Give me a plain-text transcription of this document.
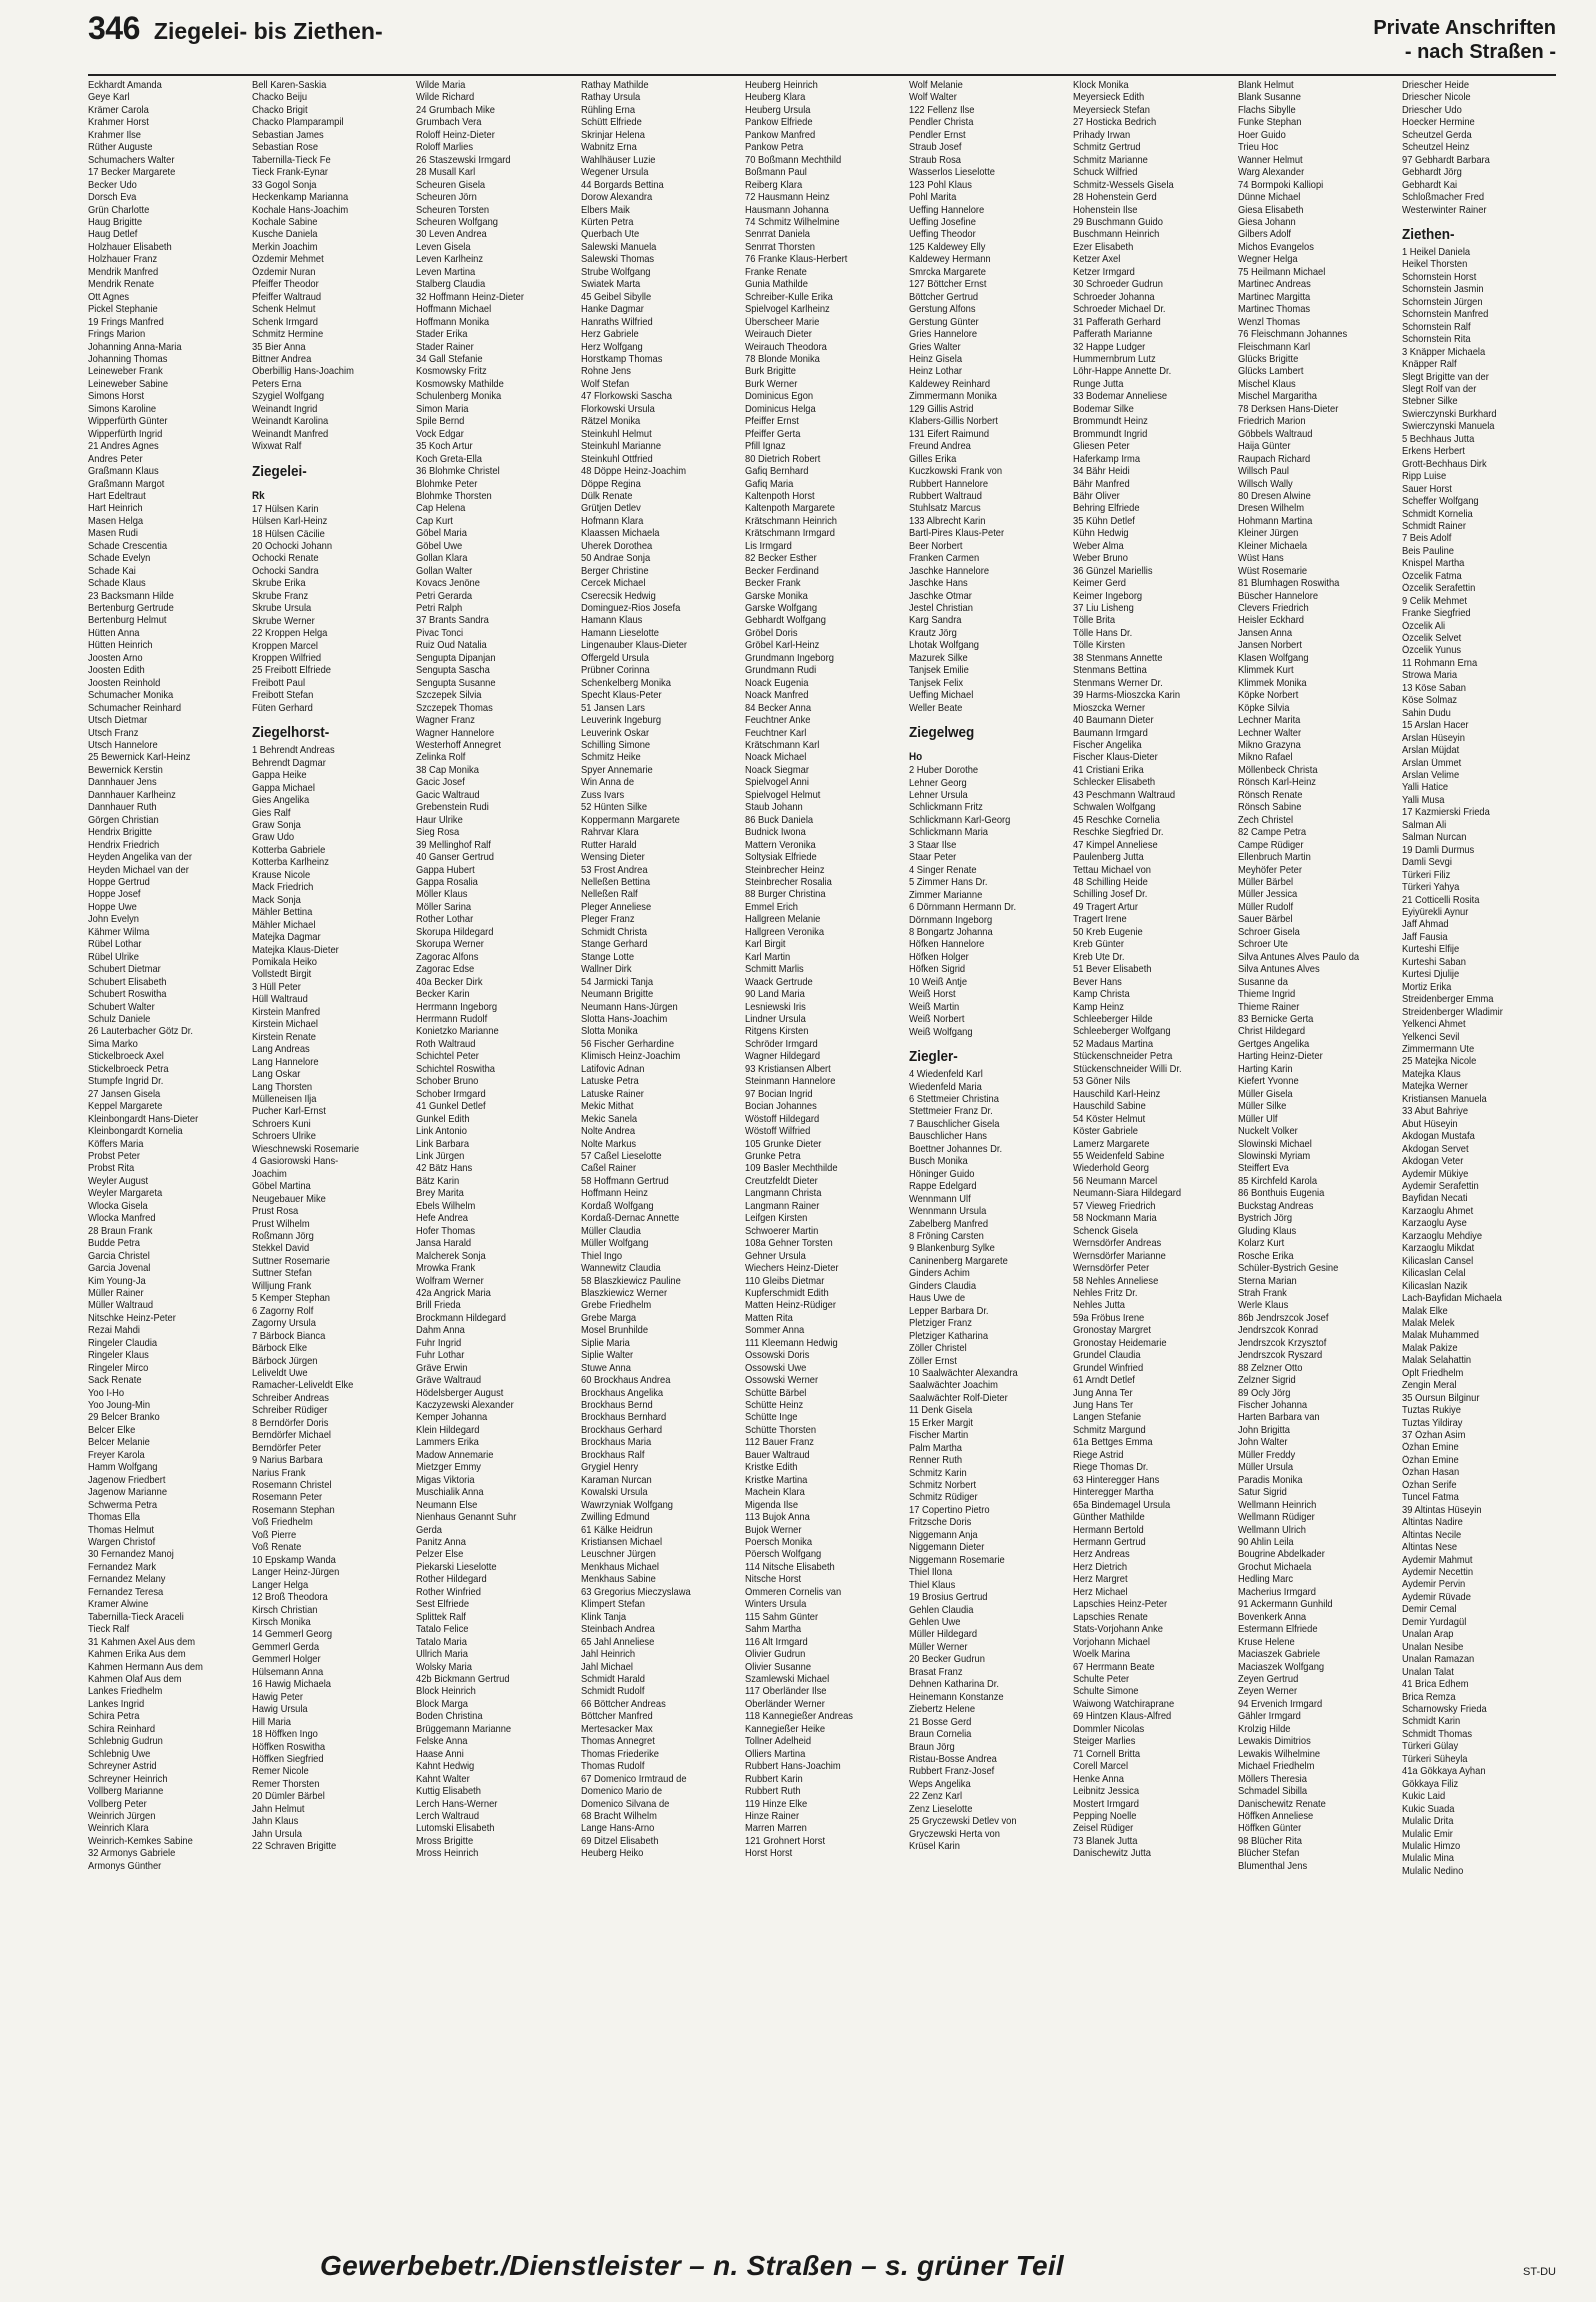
346 Ziegelei- bis Ziethen-	Private Anschriften
- nach Straßen -
Eckhardt Amanda
Geye Karl
Krämer Carola
Krahmer Horst
Krahmer Ilse
Rüther Auguste
Schumachers Walter
17 Becker Margarete
Becker Udo
Dorsch Eva
Grün Charlotte
Haug Brigitte
Haug Detlef
Holzhauer Elisabeth
Holzhauer Franz
Mendrik Manfred
Mendrik Renate
Ott Agnes
Pickel Stephanie
19 Frings Manfred
Frings Marion
Johanning Anna-Maria
Johanning Thomas
Leineweber Frank
Leineweber Sabine
Simons Horst
Simons Karoline
Wipperfürth Günter
Wipperfürth Ingrid
21 Andres Agnes
Andres Peter
Graßmann Klaus
Graßmann Margot
Hart Edeltraut
Hart Heinrich
Masen Helga
Masen Rudi
Schade Crescentia
Schade Evelyn
Schade Kai
Schade Klaus
23 Backsmann Hilde
Bertenburg Gertrude
Bertenburg Helmut
Hütten Anna
Hütten Heinrich
Joosten Arno
Joosten Edith
Joosten Reinhold
Schumacher Monika
Schumacher Reinhard
Utsch Dietmar
Utsch Franz
Utsch Hannelore
25 Bewernick Karl-Heinz
Bewernick Kerstin
Dannhauer Jens
Dannhauer Karlheinz
Dannhauer Ruth
Görgen Christian
Hendrix Brigitte
Hendrix Friedrich
Heyden Angelika van der
Heyden Michael van der
Hoppe Gertrud
Hoppe Josef
Hoppe Uwe
John Evelyn
Kähmer Wilma
Rübel Lothar
Rübel Ulrike
Schubert Dietmar
Schubert Elisabeth
Schubert Roswitha
Schubert Walter
Schulz Daniele
26 Lauterbacher Götz Dr.
Sima Marko
Stickelbroeck Axel
Stickelbroeck Petra
Stumpfe Ingrid Dr.
27 Jansen Gisela
Keppel Margarete
Kleinbongardt Hans-Dieter
Kleinbongardt Kornelia
Köffers Maria
Probst Peter
Probst Rita
Weyler August
Weyler Margareta
Wlocka Gisela
Wlocka Manfred
28 Braun Frank
Budde Petra
Garcia Christel
Garcia Jovenal
Kim Young-Ja
Müller Rainer
Müller Waltraud
Nitschke Heinz-Peter
Rezai Mahdi
Ringeler Claudia
Ringeler Klaus
Ringeler Mirco
Sack Renate
Yoo I-Ho
Yoo Joung-Min
29 Belcer Branko
Belcer Elke
Belcer Melanie
Freyer Karola
Hamm Wolfgang
Jagenow Friedbert
Jagenow Marianne
Schwerma Petra
Thomas Ella
Thomas Helmut
Wargen Christof
30 Fernandez Manoj
Fernandez Mark
Fernandez Melany
Fernandez Teresa
Kramer Alwine
Tabernilla-Tieck Araceli
Tieck Ralf
31 Kahmen Axel Aus dem
Kahmen Erika Aus dem
Kahmen Hermann Aus dem
Kahmen Olaf Aus dem
Lankes Friedhelm
Lankes Ingrid
Schira Petra
Schira Reinhard
Schlebnig Gudrun
Schlebnig Uwe
Schreyner Astrid
Schreyner Heinrich
Vollberg Marianne
Vollberg Peter
Weinrich Jürgen
Weinrich Klara
Weinrich-Kemkes Sabine
32 Armonys Gabriele
Armonys Günther
Bell Karen-Saskia
Chacko Beiju
Chacko Brigit
Chacko Plamparampil
Sebastian James
Sebastian Rose
Tabernilla-Tieck Fe
Tieck Frank-Eynar
33 Gogol Sonja
Heckenkamp Marianna
Kochale Hans-Joachim
Kochale Sabine
Kusche Daniela
Merkin Joachim
Özdemir Mehmet
Özdemir Nuran
Pfeiffer Theodor
Pfeiffer Waltraud
Schenk Helmut
Schenk Irmgard
Schmitz Hermine
35 Bier Anna
Bittner Andrea
Oberbillig Hans-Joachim
Peters Erna
Szygiel Wolfgang
Weinandt Ingrid
Weinandt Karolina
Weinandt Manfred
Wixwat Ralf
Ziegelei-
Rk
17 Hülsen Karin
Hülsen Karl-Heinz
18 Hülsen Cäcilie
20 Ochocki Johann
Ochocki Renate
Ochocki Sandra
Skrube Erika
Skrube Franz
Skrube Ursula
Skrube Werner
22 Kroppen Helga
Kroppen Marcel
Kroppen Wilfried
25 Freibott Elfriede
Freibott Paul
Freibott Stefan
Füten Gerhard
Ziegelhorst-
1 Behrendt Andreas
Behrendt Dagmar
Gappa Heike
Gappa Michael
Gies Angelika
Gies Ralf
Graw Sonja
Graw Udo
Kotterba Gabriele
Kotterba Karlheinz
Krause Nicole
Mack Friedrich
Mack Sonja
Mähler Bettina
Mähler Michael
Matejka Dagmar
Matejka Klaus-Dieter
Pomikala Heiko
Vollstedt Birgit
3 Hüll Peter
Hüll Waltraud
Kirstein Manfred
Kirstein Michael
Kirstein Renate
Lang Andreas
Lang Hannelore
Lang Oskar
Lang Thorsten
Mülleneisen Ilja
Pucher Karl-Ernst
Schroers Kuni
Schroers Ulrike
Wieschnewski Rosemarie
4 Gasiorowski Hans-
Joachim
Göbel Martina
Neugebauer Mike
Prust Rosa
Prust Wilhelm
Roßmann Jörg
Stekkel David
Suttner Rosemarie
Suttner Stefan
Willjung Frank
5 Kemper Stephan
6 Zagorny Rolf
Zagorny Ursula
7 Bärbock Bianca
Bärbock Elke
Bärbock Jürgen
Leliveldt Uwe
Ramacher-Leliveldt Elke
Schreiber Andreas
Schreiber Rüdiger
8 Berndörfer Doris
Berndörfer Michael
Berndörfer Peter
9 Narius Barbara
Narius Frank
Rosemann Christel
Rosemann Peter
Rosemann Stephan
Voß Friedhelm
Voß Pierre
Voß Renate
10 Epskamp Wanda
Langer Heinz-Jürgen
Langer Helga
12 Broß Theodora
Kirsch Christian
Kirsch Monika
14 Gemmerl Georg
Gemmerl Gerda
Gemmerl Holger
Hülsemann Anna
16 Hawig Michaela
Hawig Peter
Hawig Ursula
Hill Maria
18 Höffken Ingo
Höffken Roswitha
Höffken Siegfried
Remer Nicole
Remer Thorsten
20 Dümler Bärbel
Jahn Helmut
Jahn Klaus
Jahn Ursula
22 Schraven Brigitte
Wilde Maria
Wilde Richard
24 Grumbach Mike
Grumbach Vera
Roloff Heinz-Dieter
Roloff Marlies
26 Staszewski Irmgard
28 Musall Karl
Scheuren Gisela
Scheuren Jörn
Scheuren Torsten
Scheuren Wolfgang
30 Leven Andrea
Leven Gisela
Leven Karlheinz
Leven Martina
Stalberg Claudia
32 Hoffmann Heinz-Dieter
Hoffmann Michael
Hoffmann Monika
Stader Erika
Stader Rainer
34 Gall Stefanie
Kosmowsky Fritz
Kosmowsky Mathilde
Schulenberg Monika
Simon Maria
Spile Bernd
Vock Edgar
35 Koch Artur
Koch Greta-Ella
36 Blohmke Christel
Blohmke Peter
Blohmke Thorsten
Cap Helena
Cap Kurt
Göbel Maria
Göbel Uwe
Gollan Klara
Gollan Walter
Kovacs Jenöne
Petri Gerarda
Petri Ralph
37 Brants Sandra
Pivac Tonci
Ruiz Oud Natalia
Sengupta Dipanjan
Sengupta Sascha
Sengupta Susanne
Szczepek Silvia
Szczepek Thomas
Wagner Franz
Wagner Hannelore
Westerhoff Annegret
Zelinka Rolf
38 Cap Monika
Gacic Josef
Gacic Waltraud
Grebenstein Rudi
Haur Ulrike
Sieg Rosa
39 Mellinghof Ralf
40 Ganser Gertrud
Gappa Hubert
Gappa Rosalia
Möller Klaus
Möller Sarina
Rother Lothar
Skorupa Hildegard
Skorupa Werner
Zagorac Alfons
Zagorac Edse
40a Becker Dirk
Becker Karin
Herrmann Ingeborg
Herrmann Rudolf
Konietzko Marianne
Roth Waltraud
Schichtel Peter
Schichtel Roswitha
Schober Bruno
Schober Irmgard
41 Gunkel Detlef
Gunkel Edith
Link Antonio
Link Barbara
Link Jürgen
42 Bätz Hans
Bätz Karin
Brey Marita
Ebels Wilhelm
Hefe Andrea
Hofer Thomas
Jansa Harald
Malcherek Sonja
Mrowka Frank
Wolfram Werner
42a Angrick Maria
Brill Frieda
Brockmann Hildegard
Dahm Anna
Fuhr Ingrid
Fuhr Lothar
Gräve Erwin
Gräve Waltraud
Hödelsberger August
Kaczyzewski Alexander
Kemper Johanna
Klein Hildegard
Lammers Erika
Madow Annemarie
Mietzger Emmy
Migas Viktoria
Muschialik Anna
Neumann Else
Nienhaus Genannt Suhr
Gerda
Panitz Anna
Pelzer Else
Piekarski Lieselotte
Rother Hildegard
Rother Winfried
Sest Elfriede
Splittek Ralf
Tatalo Felice
Tatalo Maria
Ullrich Maria
Wolsky Maria
42b Bickmann Gertrud
Block Heinrich
Block Marga
Boden Christina
Brüggemann Marianne
Felske Anna
Haase Anni
Kahnt Hedwig
Kahnt Walter
Kuttig Elisabeth
Lerch Hans-Werner
Lerch Waltraud
Lutomski Elisabeth
Mross Brigitte
Mross Heinrich
Rathay Mathilde
Rathay Ursula
Rühling Erna
Schütt Elfriede
Skrinjar Helena
Wabnitz Erna
Wahlhäuser Luzie
Wegener Ursula
44 Borgards Bettina
Dorow Alexandra
Elbers Maik
Kürten Petra
Querbach Ute
Salewski Manuela
Salewski Thomas
Strube Wolfgang
Swiatek Marta
45 Geibel Sibylle
Hanke Dagmar
Hanraths Wilfried
Herz Gabriele
Herz Wolfgang
Horstkamp Thomas
Rohne Jens
Wolf Stefan
47 Florkowski Sascha
Florkowski Ursula
Rätzel Monika
Steinkuhl Helmut
Steinkuhl Marianne
Steinkuhl Ottfried
48 Döppe Heinz-Joachim
Döppe Regina
Dülk Renate
Grütjen Detlev
Hofmann Klara
Klaassen Michaela
Uherek Dorothea
50 Andrae Sonja
Berger Christine
Cercek Michael
Cserecsik Hedwig
Dominguez-Rios Josefa
Hamann Klaus
Hamann Lieselotte
Lingenauber Klaus-Dieter
Offergeld Ursula
Prübner Corinna
Schenkelberg Monika
Specht Klaus-Peter
51 Jansen Lars
Leuverink Ingeburg
Leuverink Oskar
Schilling Simone
Schmitz Heike
Spyer Annemarie
Win Anna de
Zuss Ivars
52 Hünten Silke
Koppermann Margarete
Rahrvar Klara
Rutter Harald
Wensing Dieter
53 Frost Andrea
Nelleßen Bettina
Nelleßen Ralf
Pleger Anneliese
Pleger Franz
Schmidt Christa
Stange Gerhard
Stange Lotte
Wallner Dirk
54 Jarmicki Tanja
Neumann Brigitte
Neumann Hans-Jürgen
Slotta Hans-Joachim
Slotta Monika
56 Fischer Gerhardine
Klimisch Heinz-Joachim
Latifovic Adnan
Latuske Petra
Latuske Rainer
Mekic Mithat
Mekic Sanela
Nolte Andrea
Nolte Markus
57 Caßel Lieselotte
Caßel Rainer
58 Hoffmann Gertrud
Hoffmann Heinz
Kordaß Wolfgang
Kordaß-Dernac Annette
Müller Claudia
Müller Wolfgang
Thiel Ingo
Wannewitz Claudia
58 Blaszkiewicz Pauline
Blaszkiewicz Werner
Grebe Friedhelm
Grebe Marga
Mosel Brunhilde
Siplie Maria
Siplie Walter
Stuwe Anna
60 Brockhaus Andrea
Brockhaus Angelika
Brockhaus Bernd
Brockhaus Bernhard
Brockhaus Gerhard
Brockhaus Maria
Brockhaus Ralf
Grygiel Henry
Karaman Nurcan
Kowalski Ursula
Wawrzyniak Wolfgang
Zwilling Edmund
61 Kälke Heidrun
Kristiansen Michael
Leuschner Jürgen
Menkhaus Michael
Menkhaus Sabine
63 Gregorius Mieczyslawa
Klimpert Stefan
Klink Tanja
Steinbach Andrea
65 Jahl Anneliese
Jahl Heinrich
Jahl Michael
Schmidt Harald
Schmidt Rudolf
66 Böttcher Andreas
Böttcher Manfred
Mertesacker Max
Thomas Annegret
Thomas Friederike
Thomas Rudolf
67 Domenico Irmtraud de
Domenico Mario de
Domenico Silvana de
68 Bracht Wilhelm
Lange Hans-Arno
69 Ditzel Elisabeth
Heuberg Heiko
Heuberg Heinrich
Heuberg Klara
Heuberg Ursula
Pankow Elfriede
Pankow Manfred
Pankow Petra
70 Boßmann Mechthild
Boßmann Paul
Reiberg Klara
72 Hausmann Heinz
Hausmann Johanna
74 Schmitz Wilhelmine
Senrrat Daniela
Senrrat Thorsten
76 Franke Klaus-Herbert
Franke Renate
Gunia Mathilde
Schreiber-Kulle Erika
Spielvogel Karlheinz
Überscheer Marie
Weirauch Dieter
Weirauch Theodora
78 Blonde Monika
Burk Brigitte
Burk Werner
Dominicus Egon
Dominicus Helga
Pfeiffer Ernst
Pfeiffer Gerta
Pfill Ignaz
80 Dietrich Robert
Gafiq Bernhard
Gafiq Maria
Kaltenpoth Horst
Kaltenpoth Margarete
Krätschmann Heinrich
Krätschmann Irmgard
Lis Irmgard
82 Becker Esther
Becker Ferdinand
Becker Frank
Garske Monika
Garske Wolfgang
Gebhardt Wolfgang
Gröbel Doris
Gröbel Karl-Heinz
Grundmann Ingeborg
Grundmann Rudi
Noack Eugenia
Noack Manfred
84 Becker Anna
Feuchtner Anke
Feuchtner Karl
Krätschmann Karl
Noack Michael
Noack Siegmar
Spielvogel Anni
Spielvogel Helmut
Staub Johann
86 Buck Daniela
Budnick Iwona
Mattern Veronika
Soltysiak Elfriede
Steinbrecher Heinz
Steinbrecher Rosalia
88 Burger Christina
Emmel Erich
Hallgreen Melanie
Hallgreen Veronika
Karl Birgit
Karl Martin
Schmitt Marlis
Waack Gertrude
90 Land Maria
Lesniewski Iris
Lindner Ursula
Ritgens Kirsten
Schröder Irmgard
Wagner Hildegard
93 Kristiansen Albert
Steinmann Hannelore
97 Bocian Ingrid
Bocian Johannes
Wöstoff Hildegard
Wöstoff Wilfried
105 Grunke Dieter
Grunke Petra
109 Basler Mechthilde
Creutzfeldt Dieter
Langmann Christa
Langmann Rainer
Leifgen Kirsten
Schwoerer Martin
108a Gehner Torsten
Gehner Ursula
Wiechers Heinz-Dieter
110 Gleibs Dietmar
Kupferschmidt Edith
Matten Heinz-Rüdiger
Matten Rita
Sommer Anna
111 Kleemann Hedwig
Ossowski Doris
Ossowski Uwe
Ossowski Werner
Schütte Bärbel
Schütte Heinz
Schütte Inge
Schütte Thorsten
112 Bauer Franz
Bauer Waltraud
Kristke Edith
Kristke Martina
Machein Klara
Migenda Ilse
113 Bujok Anna
Bujok Werner
Poersch Monika
Pöersch Wolfgang
114 Nitsche Elisabeth
Nitsche Horst
Ommeren Cornelis van
Winters Ursula
115 Sahm Günter
Sahm Martha
116 Alt Irmgard
Olivier Gudrun
Olivier Susanne
Szamlewski Michael
117 Oberländer Ilse
Oberländer Werner
118 Kannegießer Andreas
Kannegießer Heike
Tollner Adelheid
Olliers Martina
Rubbert Hans-Joachim
Rubbert Karin
Rubbert Ruth
119 Hinze Elke
Hinze Rainer
Marren Marren
121 Grohnert Horst
Horst Horst
Wolf Melanie
Wolf Walter
122 Fellenz Ilse
Pendler Christa
Pendler Ernst
Straub Josef
Straub Rosa
Wasserlos Lieselotte
123 Pohl Klaus
Pohl Marita
Ueffing Hannelore
Ueffing Josefine
Ueffing Theodor
125 Kaldewey Elly
Kaldewey Hermann
Smrcka Margarete
127 Böttcher Ernst
Böttcher Gertrud
Gerstung Alfons
Gerstung Günter
Gries Hannelore
Gries Walter
Heinz Gisela
Heinz Lothar
Kaldewey Reinhard
Zimmermann Monika
129 Gillis Astrid
Klabers-Gillis Norbert
131 Eifert Raimund
Freund Andrea
Gilles Erika
Kuczkowski Frank von
Rubbert Hannelore
Rubbert Waltraud
Stuhlsatz Marcus
133 Albrecht Karin
Bartl-Pires Klaus-Peter
Beer Norbert
Franken Carmen
Jaschke Hannelore
Jaschke Hans
Jaschke Otmar
Jestel Christian
Karg Sandra
Krautz Jörg
Lhotak Wolfgang
Mazurek Silke
Tanjsek Emilie
Tanjsek Felix
Ueffing Michael
Weller Beate
Ziegelweg
Ho
2 Huber Dorothe
Lehner Georg
Lehner Ursula
Schlickmann Fritz
Schlickmann Karl-Georg
Schlickmann Maria
3 Staar Ilse
Staar Peter
4 Singer Renate
5 Zimmer Hans Dr.
Zimmer Marianne
6 Dörnmann Hermann Dr.
Dörnmann Ingeborg
8 Bongartz Johanna
Höfken Hannelore
Höfken Holger
Höfken Sigrid
10 Weiß Antje
Weiß Horst
Weiß Martin
Weiß Norbert
Weiß Wolfgang
Ziegler-
4 Wiedenfeld Karl
Wiedenfeld Maria
6 Stettmeier Christina
Stettmeier Franz Dr.
7 Bauschlicher Gisela
Bauschlicher Hans
Boettner Johannes Dr.
Busch Monika
Höninger Guido
Rappe Edelgard
Wennmann Ulf
Wennmann Ursula
Zabelberg Manfred
8 Fröning Carsten
9 Blankenburg Sylke
Caninenberg Margarete
Ginders Achim
Ginders Claudia
Haus Uwe de
Lepper Barbara Dr.
Pletziger Franz
Pletziger Katharina
Zöller Christel
Zöller Ernst
10 Saalwächter Alexandra
Saalwächter Joachim
Saalwächter Rolf-Dieter
11 Denk Gisela
15 Erker Margit
Fischer Martin
Palm Martha
Renner Ruth
Schmitz Karin
Schmitz Norbert
Schmitz Rüdiger
17 Copertino Pietro
Fritzsche Doris
Niggemann Anja
Niggemann Dieter
Niggemann Rosemarie
Thiel Ilona
Thiel Klaus
19 Brosius Gertrud
Gehlen Claudia
Gehlen Uwe
Müller Hildegard
Müller Werner
20 Becker Gudrun
Brasat Franz
Dehnen Katharina Dr.
Heinemann Konstanze
Ziebertz Helene
21 Bosse Gerd
Braun Cornelia
Braun Jörg
Ristau-Bosse Andrea
Rubbert Franz-Josef
Weps Angelika
22 Zenz Karl
Zenz Lieselotte
25 Gryczewski Detlev von
Gryczewski Herta von
Krüsel Karin
Klock Monika
Meyersieck Edith
Meyersieck Stefan
27 Hosticka Bedrich
Prihady Irwan
Schmitz Gertrud
Schmitz Marianne
Schuck Wilfried
Schmitz-Wessels Gisela
28 Hohenstein Gerd
Hohenstein Ilse
29 Buschmann Guido
Buschmann Heinrich
Ezer Elisabeth
Ketzer Axel
Ketzer Irmgard
30 Schroeder Gudrun
Schroeder Johanna
Schroeder Michael Dr.
31 Pafferath Gerhard
Pafferath Marianne
32 Happe Ludger
Hummernbrum Lutz
Löhr-Happe Annette Dr.
Runge Jutta
33 Bodemar Anneliese
Bodemar Silke
Brommundt Heinz
Brommundt Ingrid
Gliesen Peter
Haferkamp Irma
34 Bähr Heidi
Bähr Manfred
Bähr Oliver
Behring Elfriede
35 Kühn Detlef
Kühn Hedwig
Weber Alma
Weber Bruno
36 Günzel Mariellis
Keimer Gerd
Keimer Ingeborg
37 Liu Lisheng
Tölle Brita
Tölle Hans Dr.
Tölle Kirsten
38 Stenmans Annette
Stenmans Bettina
Stenmans Werner Dr.
39 Harms-Mioszcka Karin
Mioszcka Werner
40 Baumann Dieter
Baumann Irmgard
Fischer Angelika
Fischer Klaus-Dieter
41 Cristiani Erika
Schlecker Elisabeth
43 Peschmann Waltraud
Schwalen Wolfgang
45 Reschke Cornelia
Reschke Siegfried Dr.
47 Kimpel Anneliese
Paulenberg Jutta
Tettau Michael von
48 Schilling Heide
Schilling Josef Dr.
49 Tragert Artur
Tragert Irene
50 Kreb Eugenie
Kreb Günter
Kreb Ute Dr.
51 Bever Elisabeth
Bever Hans
Kamp Christa
Kamp Heinz
Schleeberger Hilde
Schleeberger Wolfgang
52 Madaus Martina
Stückenschneider Petra
Stückenschneider Willi Dr.
53 Göner Nils
Hauschild Karl-Heinz
Hauschild Sabine
54 Köster Helmut
Köster Gabriele
Lamerz Margarete
55 Weidenfeld Sabine
Wiederhold Georg
56 Neumann Marcel
Neumann-Siara Hildegard
57 Vieweg Friedrich
58 Nockmann Maria
Schenck Gisela
Wernsdörfer Andreas
Wernsdörfer Marianne
Wernsdörfer Peter
58 Nehles Anneliese
Nehles Fritz Dr.
Nehles Jutta
59a Fröbus Irene
Gronostay Margret
Gronostay Heidemarie
Grundel Claudia
Grundel Winfried
61 Arndt Detlef
Jung Anna Ter
Jung Hans Ter
Langen Stefanie
Schmitz Margund
61a Bettges Emma
Riege Astrid
Riege Thomas Dr.
63 Hinteregger Hans
Hinteregger Martha
65a Bindemagel Ursula
Günther Mathilde
Hermann Bertold
Hermann Gertrud
Herz Andreas
Herz Dietrich
Herz Margret
Herz Michael
Lapschies Heinz-Peter
Lapschies Renate
Stats-Vorjohann Anke
Vorjohann Michael
Woelk Marina
67 Herrmann Beate
Schulte Peter
Schulte Simone
Waiwong Watchiraprane
69 Hintzen Klaus-Alfred
Dommler Nicolas
Steiger Marlies
71 Cornell Britta
Corell Marcel
Henke Anna
Leibnitz Jessica
Mostert Irmgard
Pepping Noelle
Zeisel Rüdiger
73 Blanek Jutta
Danischewitz Jutta
Blank Helmut
Blank Susanne
Flachs Sibylle
Funke Stephan
Hoer Guido
Trieu Hoc
Wanner Helmut
Warg Alexander
74 Bormpoki Kalliopi
Dünne Michael
Giesa Elisabeth
Giesa Johann
Gilbers Adolf
Michos Evangelos
Wegner Helga
75 Heilmann Michael
Martinec Andreas
Martinec Margitta
Martinec Thomas
Wenzl Thomas
76 Fleischmann Johannes
Fleischmann Karl
Glücks Brigitte
Glücks Lambert
Mischel Klaus
Mischel Margaritha
78 Derksen Hans-Dieter
Friedrich Marion
Göbbels Waltraud
Haija Günter
Raupach Richard
Willsch Paul
Willsch Wally
80 Dresen Alwine
Dresen Wilhelm
Hohmann Martina
Kleiner Jürgen
Kleiner Michaela
Wüst Hans
Wüst Rosemarie
81 Blumhagen Roswitha
Büscher Hannelore
Clevers Friedrich
Heisler Eckhard
Jansen Anna
Jansen Norbert
Klasen Wolfgang
Klimmek Kurt
Klimmek Monika
Köpke Norbert
Köpke Silvia
Lechner Marita
Lechner Walter
Mikno Grazyna
Mikno Rafael
Möllenbeck Christa
Rönsch Karl-Heinz
Rönsch Renate
Rönsch Sabine
Zech Christel
82 Campe Petra
Campe Rüdiger
Ellenbruch Martin
Meyhöfer Peter
Müller Bärbel
Müller Jessica
Müller Rudolf
Sauer Bärbel
Schroer Gisela
Schroer Ute
Silva Antunes Alves Paulo da
Silva Antunes Alves
Susanne da
Thieme Ingrid
Thieme Rainer
83 Bernicke Gerta
Christ Hildegard
Gertges Angelika
Harting Heinz-Dieter
Harting Karin
Kiefert Yvonne
Müller Gisela
Müller Silke
Müller Ulf
Nuckelt Volker
Slowinski Michael
Slowinski Myriam
Steiffert Eva
85 Kirchfeld Karola
86 Bonthuis Eugenia
Buckstag Andreas
Bystrich Jörg
Gluding Klaus
Kolarz Kurt
Rosche Erika
Schüler-Bystrich Gesine
Sterna Marian
Strah Frank
Werle Klaus
86b Jendrszcok Josef
Jendrszcok Konrad
Jendrszcok Krzysztof
Jendrszcok Ryszard
88 Zelzner Otto
Zelzner Sigrid
89 Ocly Jörg
Fischer Johanna
Harten Barbara van
John Brigitta
John Walter
Müller Freddy
Müller Ursula
Paradis Monika
Satur Sigrid
Wellmann Heinrich
Wellmann Rüdiger
Wellmann Ulrich
90 Ahlin Leila
Bougrine Abdelkader
Grochut Michaela
Hedling Marc
Macherius Irmgard
91 Ackermann Gunhild
Bovenkerk Anna
Estermann Elfriede
Kruse Helene
Maciaszek Gabriele
Maciaszek Wolfgang
Zeyen Gertrud
Zeyen Werner
94 Ervenich Irmgard
Gähler Irmgard
Krolzig Hilde
Lewakis Dimitrios
Lewakis Wilhelmine
Michael Friedhelm
Möllers Theresia
Schmadel Sibilla
Danischewitz Renate
Höffken Anneliese
Höffken Günter
98 Blücher Rita
Blücher Stefan
Blumenthal Jens
Driescher Heide
Driescher Nicole
Driescher Udo
Hoecker Hermine
Scheutzel Gerda
Scheutzel Heinz
97 Gebhardt Barbara
Gebhardt Jörg
Gebhardt Kai
Schloßmacher Fred
Westerwinter Rainer
Ziethen-
1 Heikel Daniela
Heikel Thorsten
Schornstein Horst
Schornstein Jasmin
Schornstein Jürgen
Schornstein Manfred
Schornstein Ralf
Schornstein Rita
3 Knäpper Michaela
Knäpper Ralf
Slegt Brigitte van der
Slegt Rolf van der
Stebner Silke
Swierczynski Burkhard
Swierczynski Manuela
5 Bechhaus Jutta
Erkens Herbert
Grott-Bechhaus Dirk
Ripp Luise
Sauer Horst
Scheffer Wolfgang
Schmidt Kornelia
Schmidt Rainer
7 Beis Adolf
Beis Pauline
Knispel Martha
Özcelik Fatma
Özcelik Serafettin
9 Celik Mehmet
Franke Siegfried
Özcelik Ali
Özcelik Selvet
Özcelik Yunus
11 Rohmann Erna
Strowa Maria
13 Köse Saban
Köse Solmaz
Sahin Dudu
15 Arslan Hacer
Arslan Hüseyin
Arslan Müjdat
Arslan Ümmet
Arslan Velime
Yalli Hatice
Yalli Musa
17 Kazmierski Frieda
Salman Ali
Salman Nurcan
19 Damli Durmus
Damli Sevgi
Türkeri Filiz
Türkeri Yahya
21 Cotticelli Rosita
Eyiyürekli Aynur
Jaff Ahmad
Jaff Fausia
Kurteshi Elfije
Kurteshi Saban
Kurtesi Djulije
Mortiz Erika
Streidenberger Emma
Streidenberger Wladimir
Yelkenci Ahmet
Yelkenci Sevil
Zimmermann Ute
25 Matejka Nicole
Matejka Klaus
Matejka Werner
Kristiansen Manuela
33 Abut Bahriye
Abut Hüseyin
Akdogan Mustafa
Akdogan Servet
Akdogan Veter
Aydemir Mükiye
Aydemir Serafettin
Bayfidan Necati
Karzaoglu Ahmet
Karzaoglu Ayse
Karzaoglu Mehdiye
Karzaoglu Mikdat
Kilicaslan Cansel
Kilicaslan Celal
Kilicaslan Nazik
Lach-Bayfidan Michaela
Malak Elke
Malak Melek
Malak Muhammed
Malak Pakize
Malak Selahattin
Oplt Friedhelm
Zengin Meral
35 Oursun Bilginur
Tuztas Rukiye
Tuztas Yildiray
37 Özhan Asim
Özhan Emine
Özhan Emine
Özhan Hasan
Özhan Serife
Tuncel Fatma
39 Altintas Hüseyin
Altintas Nadire
Altintas Necile
Altintas Nese
Aydemir Mahmut
Aydemir Necettin
Aydemir Pervin
Aydemir Rüvade
Demir Cemal
Demir Yurdagül
Unalan Arap
Unalan Nesibe
Unalan Ramazan
Unalan Talat
41 Brica Edhem
Brica Remza
Scharnowsky Frieda
Schmidt Karin
Schmidt Thomas
Türkeri Gülay
Türkeri Süheyla
41a Gökkaya Ayhan
Gökkaya Filiz
Kukic Laid
Kukic Suada
Mulalic Drita
Mulalic Emir
Mulalic Himzo
Mulalic Mina
Mulalic Nedino
Gewerbebetr./Dienstleister – n. Straßen – s. grüner Teil	ST-DU
